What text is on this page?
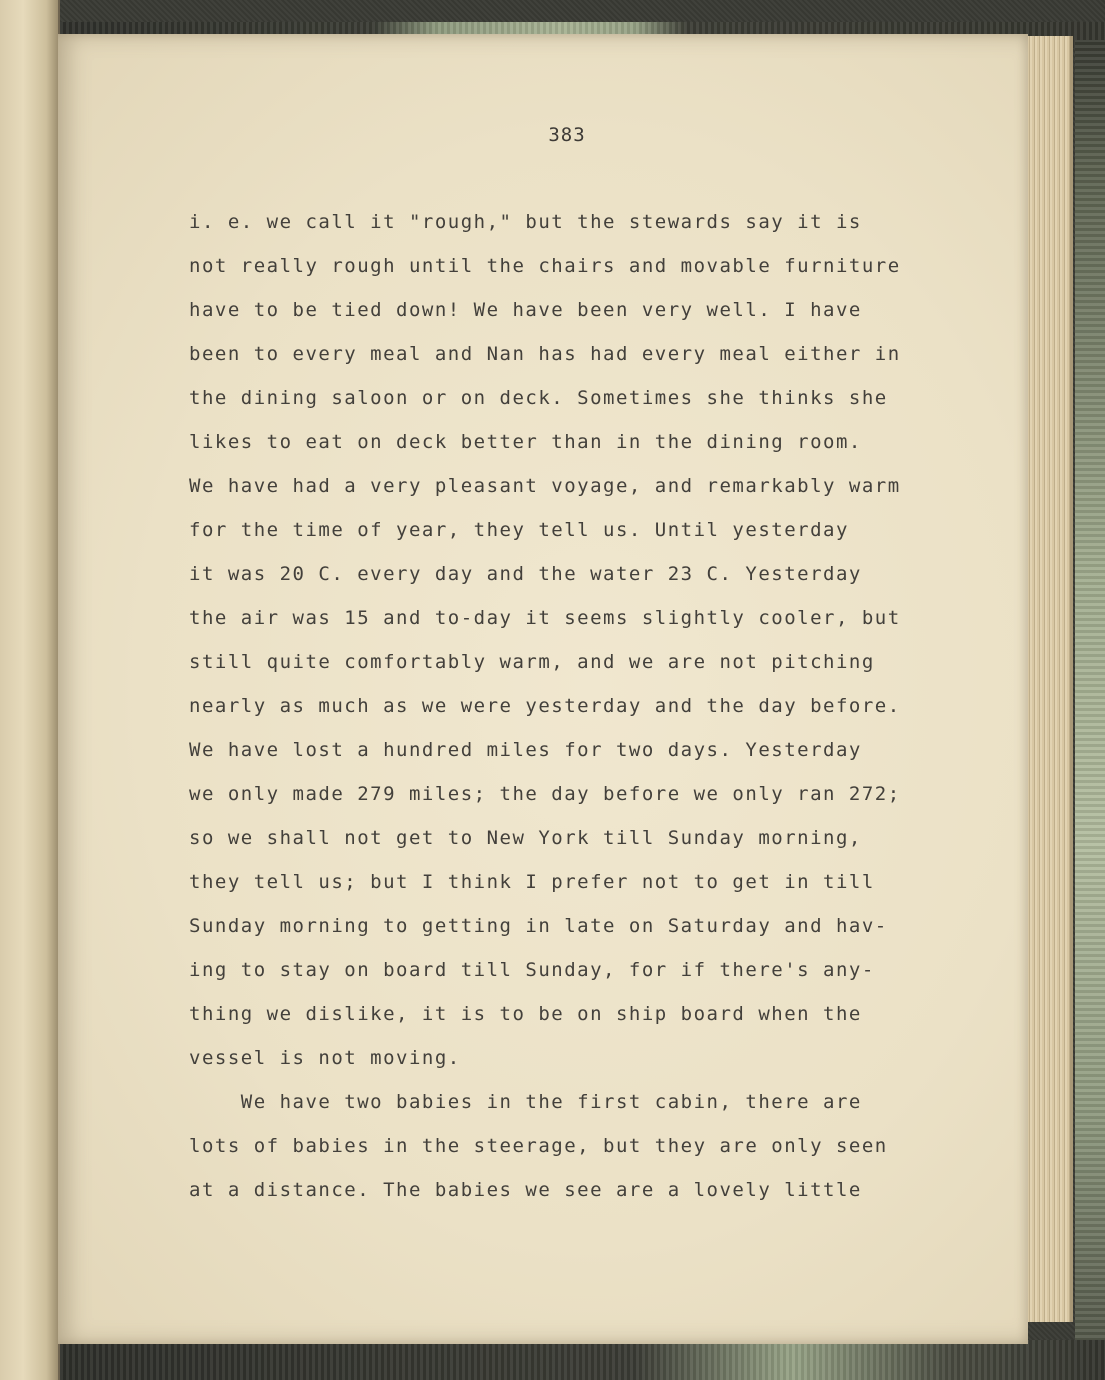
383
i. e. we call it "rough," but the stewards say it is
not really rough until the chairs and movable furniture
have to be tied down! We have been very well. I have
been to every meal and Nan has had every meal either in
the dining saloon or on deck. Sometimes she thinks she
likes to eat on deck better than in the dining room.
We have had a very pleasant voyage, and remarkably warm
for the time of year, they tell us. Until yesterday
it was 20 C. every day and the water 23 C. Yesterday
the air was 15 and to-day it seems slightly cooler, but
still quite comfortably warm, and we are not pitching
nearly as much as we were yesterday and the day before.
We have lost a hundred miles for two days. Yesterday
we only made 279 miles; the day before we only ran 272;
so we shall not get to New York till Sunday morning,
they tell us; but I think I prefer not to get in till
Sunday morning to getting in late on Saturday and hav-
ing to stay on board till Sunday, for if there's any-
thing we dislike, it is to be on ship board when the
vessel is not moving.
We have two babies in the first cabin, there are
lots of babies in the steerage, but they are only seen
at a distance. The babies we see are a lovely little
